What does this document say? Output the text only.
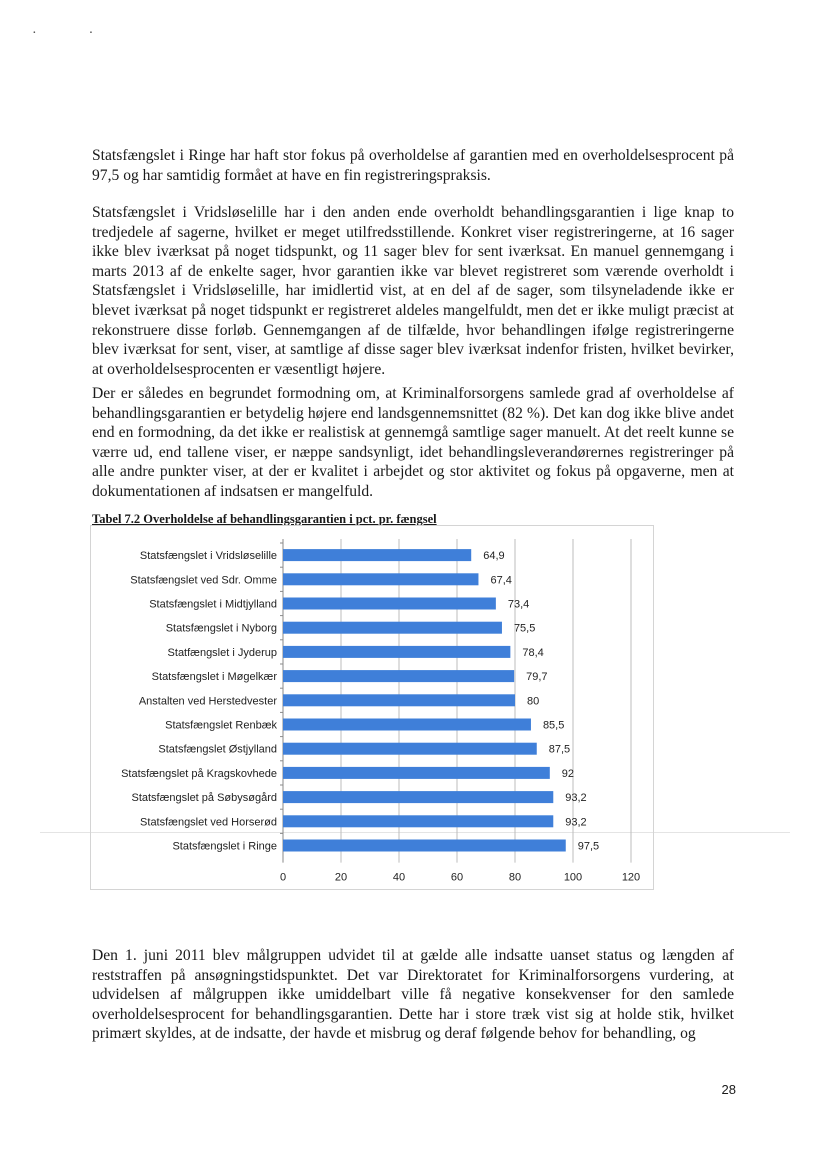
··

Statsfængslet i Ringe har haft stor fokus på overholdelse af garantien med en overholdelsesprocent på 97,5 og har samtidig formået at have en fin registreringspraksis.

Statsfængslet i Vridsløselille har i den anden ende overholdt behandlingsgarantien i lige knap to tredjedele af sagerne, hvilket er meget utilfredsstillende. Konkret viser registreringerne, at 16 sager ikke blev iværksat på noget tidspunkt, og 11 sager blev for sent iværksat. En manuel gennemgang i marts 2013 af de enkelte sager, hvor garantien ikke var blevet registreret som værende overholdt i Statsfængslet i Vridsløselille, har imidlertid vist, at en del af de sager, som tilsyneladende ikke er blevet iværksat på noget tidspunkt er registreret aldeles mangelfuldt, men det er ikke muligt præcist at rekonstruere disse forløb. Gennemgangen af de tilfælde, hvor behandlingen ifølge registreringerne blev iværksat for sent, viser, at samtlige af disse sager blev iværksat indenfor fristen, hvilket bevirker, at overholdelsesprocenten er væsentligt højere.

Der er således en begrundet formodning om, at Kriminalforsorgens samlede grad af overholdelse af behandlingsgarantien er betydelig højere end landsgennemsnittet (82 %). Det kan dog ikke blive andet end en formodning, da det ikke er realistisk at gennemgå samtlige sager manuelt. At det reelt kunne se værre ud, end tallene viser, er næppe sandsynligt, idet behandlingsleverandørernes registreringer på alle andre punkter viser, at der er kvalitet i arbejdet og stor aktivitet og fokus på opgaverne, men at dokumentationen af indsatsen er mangelfuld.

Tabel 7.2 Overholdelse af behandlingsgarantien i pct. pr. fængsel

Statsfængslet i Vridsløselille	64,9
Statsfængslet ved Sdr. Omme	67,4
Statsfængslet i Midtjylland	73,4
Statsfængslet i Nyborg	75,5
Statfængslet i Jyderup	78,4
Statsfængslet i Møgelkær	79,7
Anstalten ved Herstedvester	80
Statsfængslet Renbæk	85,5
Statsfængslet Østjylland	87,5
Statsfængslet på Kragskovhede	92
Statsfængslet på Søbysøgård	93,2
Statsfængslet ved Horserød	93,2
Statsfængslet i Ringe	97,5
0	20	40	60	80	100	120

Den 1. juni 2011 blev målgruppen udvidet til at gælde alle indsatte uanset status og længden af reststraffen på ansøgningstidspunktet. Det var Direktoratet for Kriminalforsorgens vurdering, at udvidelsen af målgruppen ikke umiddelbart ville få negative konsekvenser for den samlede overholdelsesprocent for behandlingsgarantien. Dette har i store træk vist sig at holde stik, hvilket primært skyldes, at de indsatte, der havde et misbrug og deraf følgende behov for behandling, og

28
